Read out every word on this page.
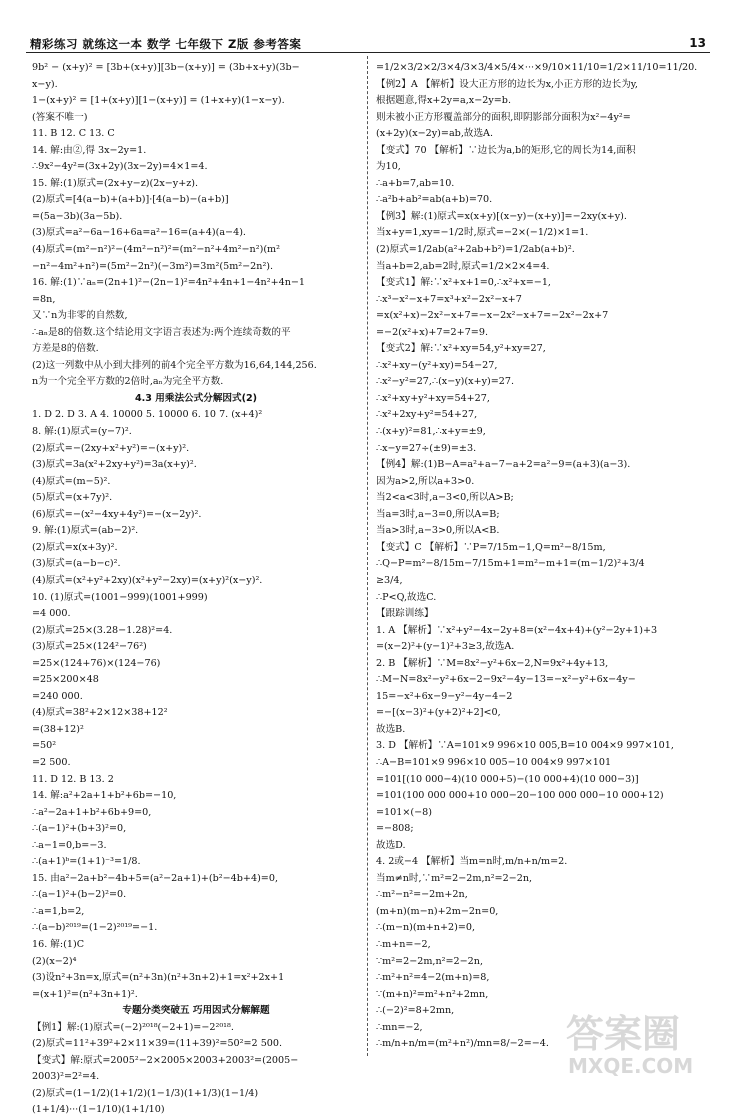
精彩练习 就练这一本 数学 七年级下 Z版 参考答案	13
9b² − (x+y)² = [3b+(x+y)][3b−(x+y)] = (3b+x+y)(3b−
x−y).
1−(x+y)² = [1+(x+y)][1−(x+y)] = (1+x+y)(1−x−y).
(答案不唯一)
11. B 12. C 13. C
14. 解:由②,得 3x−2y=1.
∴9x²−4y²=(3x+2y)(3x−2y)=4×1=4.
15. 解:(1)原式=(2x+y−z)(2x−y+z).
(2)原式=[4(a−b)+(a+b)]·[4(a−b)−(a+b)]
=(5a−3b)(3a−5b).
(3)原式=a²−6a−16+6a=a²−16=(a+4)(a−4).
(4)原式=(m²−n²)²−(4m²−n²)²=(m²−n²+4m²−n²)(m²
−n²−4m²+n²)=(5m²−2n²)(−3m²)=3m²(5m²−2n²).
16. 解:(1)∵aₙ=(2n+1)²−(2n−1)²=4n²+4n+1−4n²+4n−1
=8n,
又∵n为非零的自然数,
∴aₙ是8的倍数.这个结论用文字语言表述为:两个连续奇数的平
方差是8的倍数.
(2)这一列数中从小到大排列的前4个完全平方数为16,64,144,256.
n为一个完全平方数的2倍时,aₙ为完全平方数.
4.3 用乘法公式分解因式(2)
1. D 2. D 3. A 4. 10000 5. 10000 6. 10 7. (x+4)²
8. 解:(1)原式=(y−7)².
(2)原式=−(2xy+x²+y²)=−(x+y)².
(3)原式=3a(x²+2xy+y²)=3a(x+y)².
(4)原式=(m−5)².
(5)原式=(x+7y)².
(6)原式=−(x²−4xy+4y²)=−(x−2y)².
9. 解:(1)原式=(ab−2)².
(2)原式=x(x+3y)².
(3)原式=(a−b−c)².
(4)原式=(x²+y²+2xy)(x²+y²−2xy)=(x+y)²(x−y)².
10. (1)原式=(1001−999)(1001+999)
=4 000.
(2)原式=25×(3.28−1.28)²=4.
(3)原式=25×(124²−76²)
=25×(124+76)×(124−76)
=25×200×48
=240 000.
(4)原式=38²+2×12×38+12²
=(38+12)²
=50²
=2 500.
11. D 12. B 13. 2
14. 解:a²+2a+1+b²+6b=−10,
∴a²−2a+1+b²+6b+9=0,
∴(a−1)²+(b+3)²=0,
∴a−1=0,b=−3.
∴(a+1)ᵇ=(1+1)⁻³=1/8.
15. 由a²−2a+b²−4b+5=(a²−2a+1)+(b²−4b+4)=0,
∴(a−1)²+(b−2)²=0.
∴a=1,b=2,
∴(a−b)²⁰¹⁹=(1−2)²⁰¹⁹=−1.
16. 解:(1)C
(2)(x−2)⁴
(3)设n²+3n=x,原式=(n²+3n)(n²+3n+2)+1=x²+2x+1
=(x+1)²=(n²+3n+1)².
专题分类突破五 巧用因式分解解题
【例1】解:(1)原式=(−2)²⁰¹⁸(−2+1)=−2²⁰¹⁸.
(2)原式=11²+39²+2×11×39=(11+39)²=50²=2 500.
【变式】解:原式=2005²−2×2005×2003+2003²=(2005−
2003)²=2²=4.
(2)原式=(1−1/2)(1+1/2)(1−1/3)(1+1/3)(1−1/4)
(1+1/4)···(1−1/10)(1+1/10)
=1/2×3/2×2/3×4/3×3/4×5/4×···×9/10×11/10=1/2×11/10=11/20.
【例2】A 【解析】设大正方形的边长为x,小正方形的边长为y,
根据题意,得x+2y=a,x−2y=b.
则未被小正方形覆盖部分的面积,即阴影部分面积为x²−4y²=
(x+2y)(x−2y)=ab,故选A.
【变式】70 【解析】∵边长为a,b的矩形,它的周长为14,面积
为10,
∴a+b=7,ab=10.
∴a²b+ab²=ab(a+b)=70.
【例3】解:(1)原式=x(x+y)[(x−y)−(x+y)]=−2xy(x+y).
当x+y=1,xy=−1/2时,原式=−2×(−1/2)×1=1.
(2)原式=1/2ab(a²+2ab+b²)=1/2ab(a+b)².
当a+b=2,ab=2时,原式=1/2×2×4=4.
【变式1】解:∵x²+x+1=0,∴x²+x=−1,
∴x³−x²−x+7=x³+x²−2x²−x+7
=x(x²+x)−2x²−x+7=−x−2x²−x+7=−2x²−2x+7
=−2(x²+x)+7=2+7=9.
【变式2】解:∵x²+xy=54,y²+xy=27,
∴x²+xy−(y²+xy)=54−27,
∴x²−y²=27,∴(x−y)(x+y)=27.
∴x²+xy+y²+xy=54+27,
∴x²+2xy+y²=54+27,
∴(x+y)²=81,∴x+y=±9,
∴x−y=27÷(±9)=±3.
【例4】解:(1)B−A=a²+a−7−a+2=a²−9=(a+3)(a−3).
因为a>2,所以a+3>0.
当2<a<3时,a−3<0,所以A>B;
当a=3时,a−3=0,所以A=B;
当a>3时,a−3>0,所以A<B.
【变式】C 【解析】∵P=7/15m−1,Q=m²−8/15m,
∴Q−P=m²−8/15m−7/15m+1=m²−m+1=(m−1/2)²+3/4
≥3/4,
∴P<Q,故选C.
【跟踪训练】
1. A 【解析】∵x²+y²−4x−2y+8=(x²−4x+4)+(y²−2y+1)+3
=(x−2)²+(y−1)²+3≥3,故选A.
2. B 【解析】∵M=8x²−y²+6x−2,N=9x²+4y+13,
∴M−N=8x²−y²+6x−2−9x²−4y−13=−x²−y²+6x−4y−
15=−x²+6x−9−y²−4y−4−2
=−[(x−3)²+(y+2)²+2]<0,
故选B.
3. D 【解析】∵A=101×9 996×10 005,B=10 004×9 997×101,
∴A−B=101×9 996×10 005−10 004×9 997×101
=101[(10 000−4)(10 000+5)−(10 000+4)(10 000−3)]
=101(100 000 000+10 000−20−100 000 000−10 000+12)
=101×(−8)
=−808;
故选D.
4. 2或−4 【解析】当m=n时,m/n+n/m=2.
当m≠n时,∵m²=2−2m,n²=2−2n,
∴m²−n²=−2m+2n,
(m+n)(m−n)+2m−2n=0,
∴(m−n)(m+n+2)=0,
∴m+n=−2,
∵m²=2−2m,n²=2−2n,
∴m²+n²=4−2(m+n)=8,
∵(m+n)²=m²+n²+2mn,
∴(−2)²=8+2mn,
∴mn=−2,
∴m/n+n/m=(m²+n²)/mn=8/−2=−4. 答案圈
MXQE.COM
